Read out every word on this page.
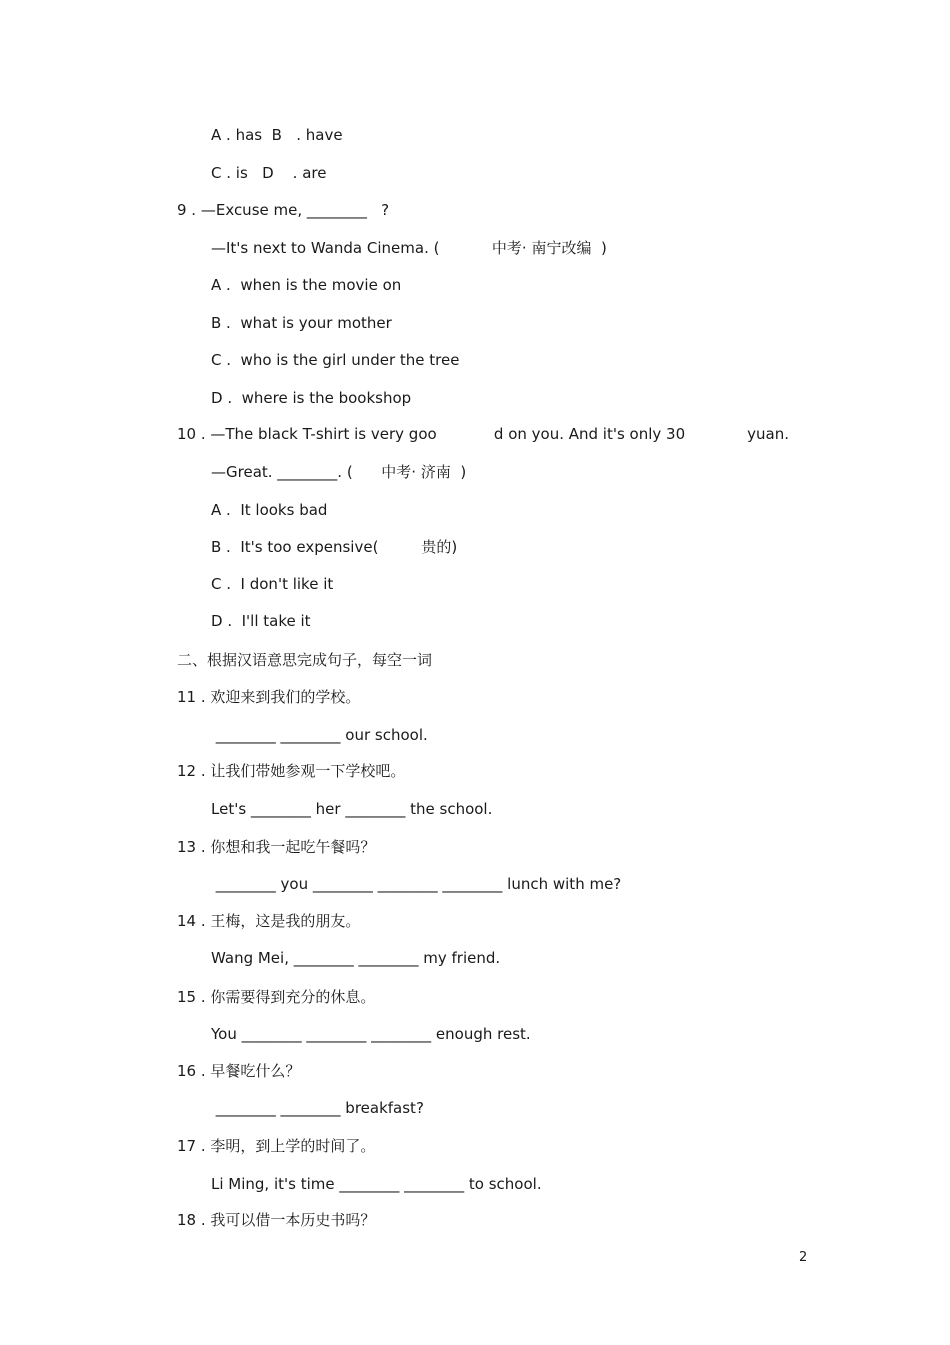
A . has  B   . have
C . is   D    . are
9 . —Excuse me, ________   ?
—It's next to Wanda Cinema. (           中考· 南宁改编  )
A .  when is the movie on
B .  what is your mother
C .  who is the girl under the tree
D .  where is the bookshop
10 . —The black T-shirt is very goo            d on you. And it's only 30             yuan.
—Great. ________. (      中考· 济南  )
A .  It looks bad
B .  It's too expensive(         贵的)
C .  I don't like it
D .  I'll take it
二、根据汉语意思完成句子，每空一词
11 . 欢迎来到我们的学校。
________ ________ our school.
12 . 让我们带她参观一下学校吧。
Let's ________ her ________ the school.
13 . 你想和我一起吃午餐吗？
________ you ________ ________ ________ lunch with me?
14 . 王梅，这是我的朋友。
Wang Mei, ________ ________ my friend.
15 . 你需要得到充分的休息。
You ________ ________ ________ enough rest.
16 . 早餐吃什么？
________ ________ breakfast?
17 . 李明，到上学的时间了。
Li Ming, it's time ________ ________ to school.
18 . 我可以借一本历史书吗？
2
